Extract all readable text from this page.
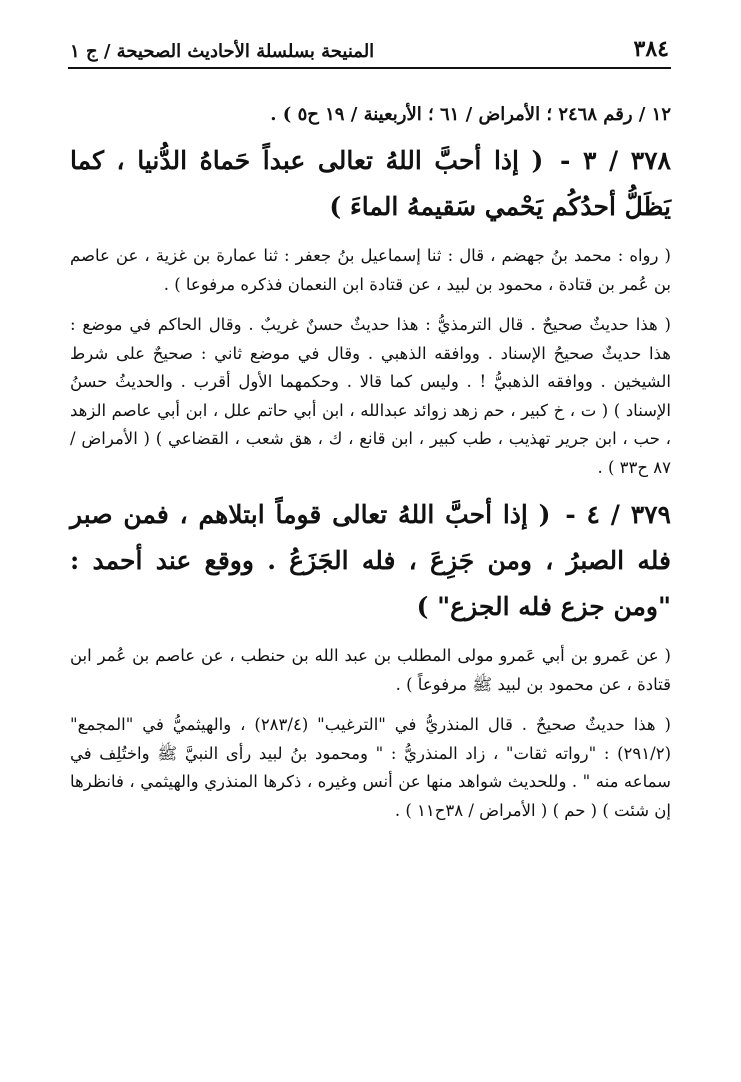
٣٨٤
المنيحة بسلسلة الأحاديث الصحيحة / ج ١

١٢ / رقم ٢٤٦٨ ؛ الأمراض / ٦١ ؛ الأربعينة / ١٩ ح٥ ) .

٣٧٨ / ٣ - ( إذا أحبَّ اللهُ تعالى عبداً حَماهُ الدُّنيا ، كما يَظَلُّ أحدُكُم يَحْمي سَقيمهُ الماءَ )

( رواه : محمد بنُ جهضم ، قال : ثنا إسماعيل بنُ جعفر : ثنا عمارة بن غزية ، عن عاصم بن عُمر بن قتادة ، محمود بن لبيد ، عن قتادة ابن النعمان فذكره مرفوعا ) .

( هذا حديثٌ صحيحٌ . قال الترمذيُّ : هذا حديثٌ حسنٌ غريبٌ . وقال الحاكم في موضع : هذا حديثٌ صحيحُ الإسناد . ووافقه الذهبي . وقال في موضع ثاني : صحيحٌ على شرط الشيخين . ووافقه الذهبيُّ ! . وليس كما قالا . وحكمهما الأول أقرب . والحديثُ حسنُ الإسناد ) ( ت ، خ كبير ، حم زهد زوائد عبدالله ، ابن أبي حاتم علل ، ابن أبي عاصم الزهد ، حب ، ابن جرير تهذيب ، طب كبير ، ابن قانع ، ك ، هق شعب ، القضاعي ) ( الأمراض / ٨٧ ح٣٣ ) .

٣٧٩ / ٤ - ( إذا أحبَّ اللهُ تعالى قوماً ابتلاهم ، فمن صبر فله الصبرُ ، ومن جَزِعَ ، فله الجَزَعُ . ووقع عند أحمد : "ومن جزع فله الجزع" )

( عن عَمرو بن أبي عَمرو مولى المطلب بن عبد الله بن حنطب ، عن عاصم بن عُمر ابن قتادة ، عن محمود بن لبيد ﷺ مرفوعاً ) .

( هذا حديثٌ صحيحٌ . قال المنذريُّ في "الترغيب" (٢٨٣/٤) ، والهيثميُّ في "المجمع" (٢٩١/٢) : "رواته ثقات" ، زاد المنذريُّ : " ومحمود بنُ لبيد رأى النبيَّ ﷺ واختُلِف في سماعه منه " . وللحديث شواهد منها عن أنس وغيره ، ذكرها المنذري والهيثمي ، فانظرها إن شئت ) ( حم ) ( الأمراض / ٣٨ح١١ ) .
